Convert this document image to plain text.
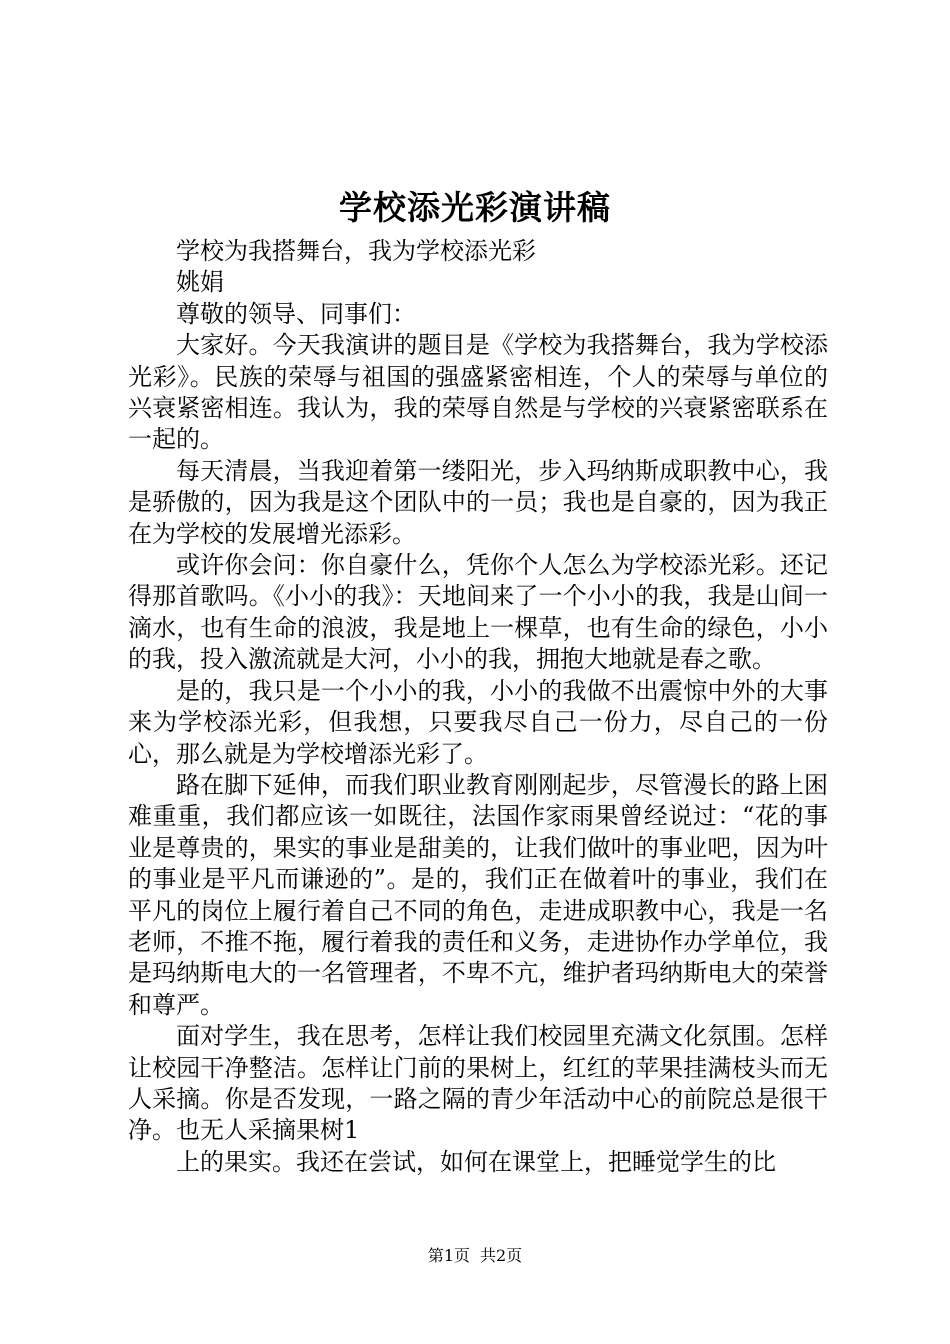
学校添光彩演讲稿

学校为我搭舞台，我为学校添光彩

姚娟

尊敬的领导、同事们：

大家好。今天我演讲的题目是《学校为我搭舞台，我为学校添光彩》。民族的荣辱与祖国的强盛紧密相连，个人的荣辱与单位的兴衰紧密相连。我认为，我的荣辱自然是与学校的兴衰紧密联系在一起的。

每天清晨，当我迎着第一缕阳光，步入玛纳斯成职教中心，我是骄傲的，因为我是这个团队中的一员；我也是自豪的，因为我正在为学校的发展增光添彩。

或许你会问：你自豪什么，凭你个人怎么为学校添光彩。还记得那首歌吗。《小小的我》：天地间来了一个小小的我，我是山间一滴水，也有生命的浪波，我是地上一棵草，也有生命的绿色，小小的我，投入激流就是大河，小小的我，拥抱大地就是春之歌。

是的，我只是一个小小的我，小小的我做不出震惊中外的大事来为学校添光彩，但我想，只要我尽自己一份力，尽自己的一份心，那么就是为学校增添光彩了。

路在脚下延伸，而我们职业教育刚刚起步，尽管漫长的路上困难重重，我们都应该一如既往，法国作家雨果曾经说过：“花的事业是尊贵的，果实的事业是甜美的，让我们做叶的事业吧，因为叶的事业是平凡而谦逊的”。是的，我们正在做着叶的事业，我们在平凡的岗位上履行着自己不同的角色，走进成职教中心，我是一名老师，不推不拖，履行着我的责任和义务，走进协作办学单位，我是玛纳斯电大的一名管理者，不卑不亢，维护者玛纳斯电大的荣誉和尊严。

面对学生，我在思考，怎样让我们校园里充满文化氛围。怎样让校园干净整洁。怎样让门前的果树上，红红的苹果挂满枝头而无人采摘。你是否发现，一路之隔的青少年活动中心的前院总是很干净。也无人采摘果树1

上的果实。我还在尝试，如何在课堂上，把睡觉学生的比

第1页 共2页
